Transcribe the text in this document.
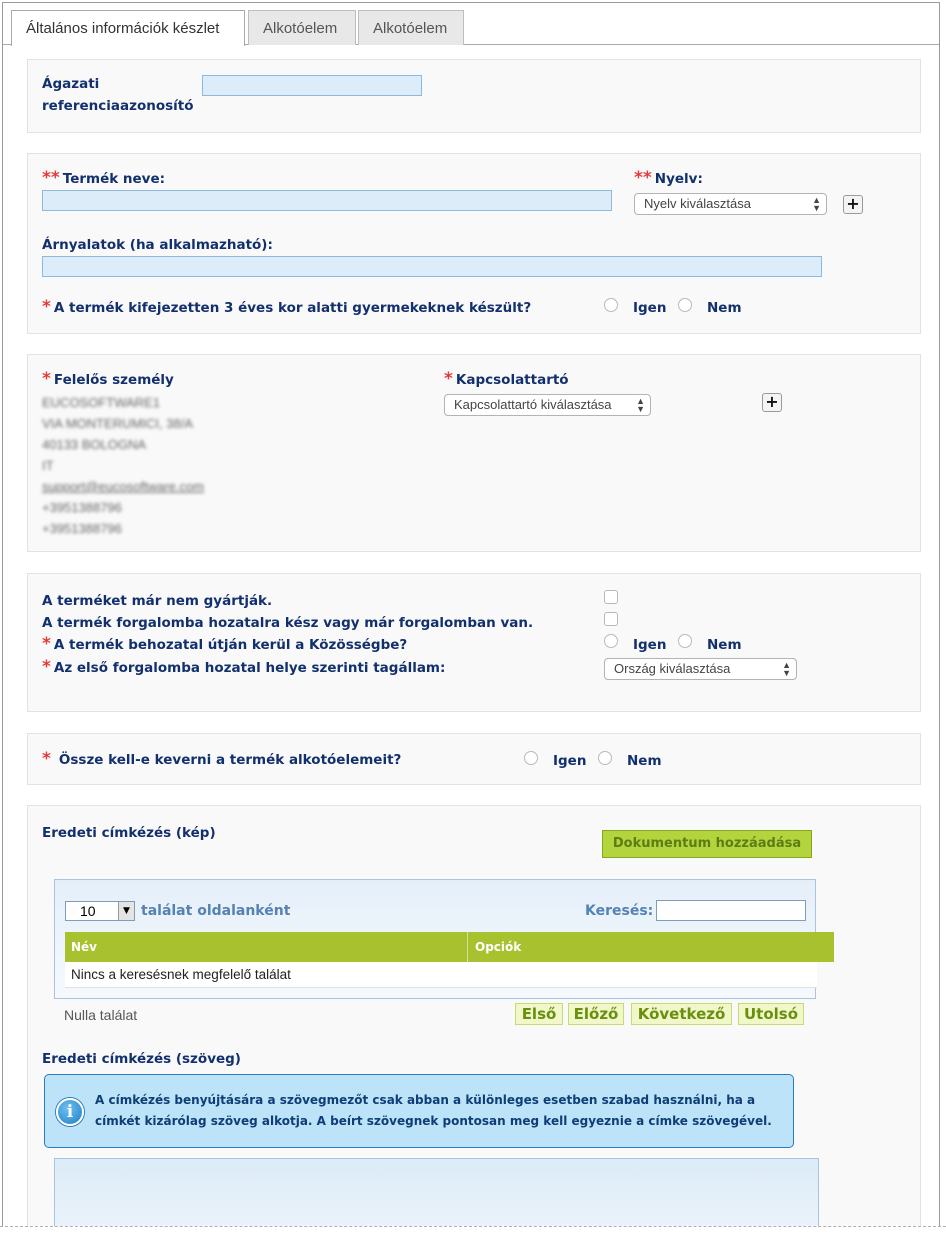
Általános információk készlet	Alkotóelem	Alkotóelem
Ágazati
referenciaazonosító
** Termék neve:	** Nyelv:
Nyelv kiválasztása	▲
▼ +
Árnyalatok (ha alkalmazható):
* A termék kifejezetten 3 éves kor alatti gyermekeknek készült?	Igen	Nem
* Felelős személy
EUCOSOFTWARE1
VIA MONTERUMICI, 38/A
40133 BOLOGNA
IT
support@eucosoftware.com
+3951388796
+3951388796
* Kapcsolattartó
Kapcsolattartó kiválasztása	▲
▼	+
A terméket már nem gyártják.
A termék forgalomba hozatalra kész vagy már forgalomban van.
* A termék behozatal útján kerül a Közösségbe?	Igen	Nem
* Az első forgalomba hozatal helye szerinti tagállam:	Ország kiválasztása	▲
▼
* Össze kell-e keverni a termék alkotóelemeit?	Igen	Nem
Eredeti címkézés (kép)
Dokumentum hozzáadása
10	▼ találat oldalanként	Keresés:
Név	Opciók
Nincs a keresésnek megfelelő találat
Nulla találat	Első	Előző	Következő	Utolsó
Eredeti címkézés (szöveg)
i
A címkézés benyújtására a szövegmezőt csak abban a különleges esetben szabad használni, ha a címkét kizárólag szöveg alkotja. A beírt szövegnek pontosan meg kell egyeznie a címke szövegével.
